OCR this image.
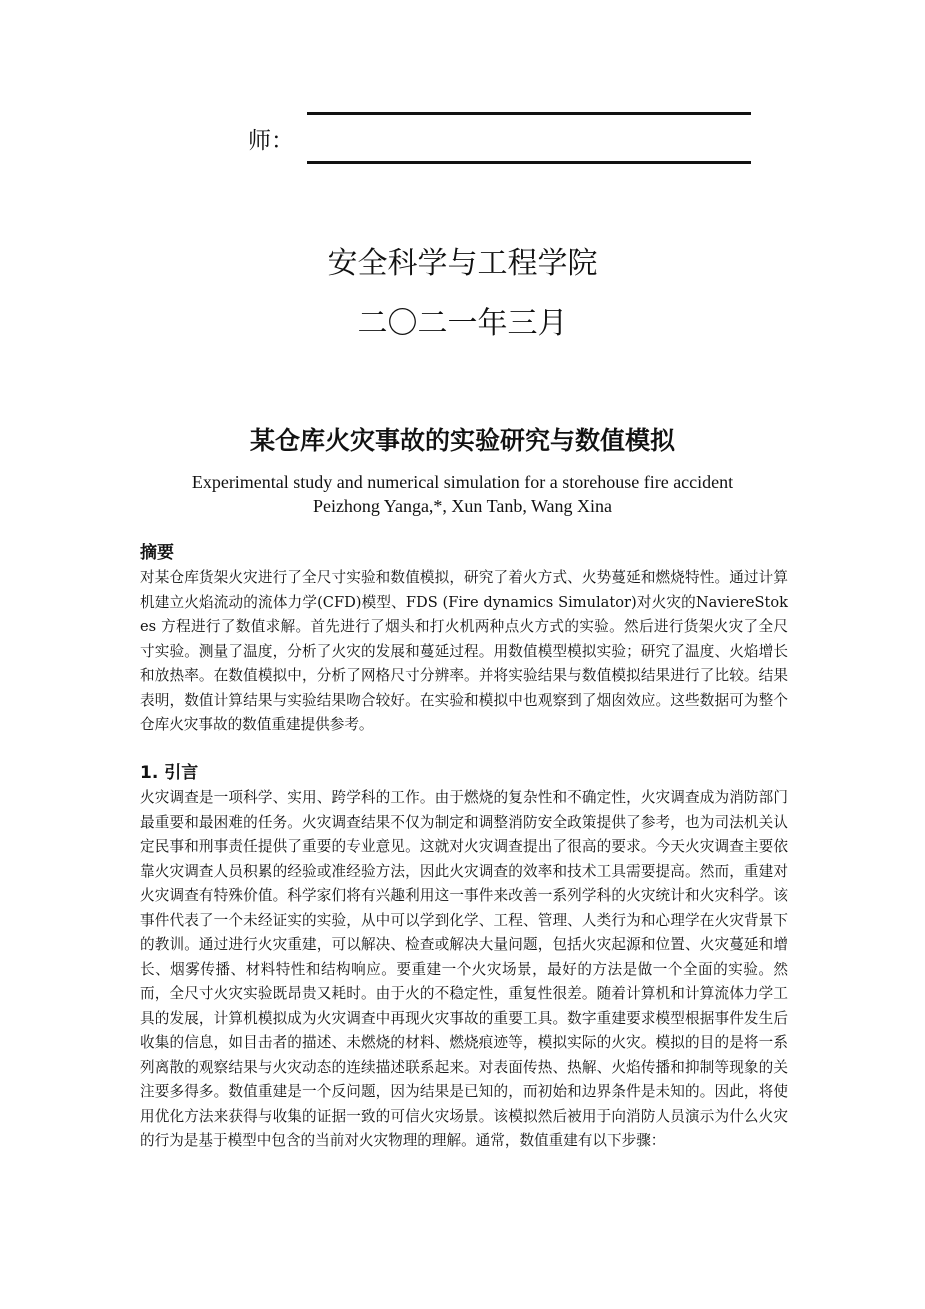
师：
安全科学与工程学院
二〇二一年三月
某仓库火灾事故的实验研究与数值模拟
Experimental study and numerical simulation for a storehouse fire accident
Peizhong Yanga,*, Xun Tanb, Wang Xina
摘要
对某仓库货架火灾进行了全尺寸实验和数值模拟，研究了着火方式、火势蔓延和燃烧特性。通过计算机建立火焰流动的流体力学(CFD)模型、FDS (Fire dynamics Simulator)对火灾的NaviereStokes 方程进行了数值求解。首先进行了烟头和打火机两种点火方式的实验。然后进行货架火灾了全尺寸实验。测量了温度，分析了火灾的发展和蔓延过程。用数值模型模拟实验；研究了温度、火焰增长和放热率。在数值模拟中，分析了网格尺寸分辨率。并将实验结果与数值模拟结果进行了比较。结果表明，数值计算结果与实验结果吻合较好。在实验和模拟中也观察到了烟囱效应。这些数据可为整个仓库火灾事故的数值重建提供参考。
1. 引言
火灾调查是一项科学、实用、跨学科的工作。由于燃烧的复杂性和不确定性，火灾调查成为消防部门最重要和最困难的任务。火灾调查结果不仅为制定和调整消防安全政策提供了参考，也为司法机关认定民事和刑事责任提供了重要的专业意见。这就对火灾调查提出了很高的要求。今天火灾调查主要依靠火灾调查人员积累的经验或准经验方法，因此火灾调查的效率和技术工具需要提高。然而，重建对火灾调查有特殊价值。科学家们将有兴趣利用这一事件来改善一系列学科的火灾统计和火灾科学。该事件代表了一个未经证实的实验，从中可以学到化学、工程、管理、人类行为和心理学在火灾背景下的教训。通过进行火灾重建，可以解决、检查或解决大量问题，包括火灾起源和位置、火灾蔓延和增长、烟雾传播、材料特性和结构响应。要重建一个火灾场景，最好的方法是做一个全面的实验。然而，全尺寸火灾实验既昂贵又耗时。由于火的不稳定性，重复性很差。随着计算机和计算流体力学工具的发展，计算机模拟成为火灾调查中再现火灾事故的重要工具。数字重建要求模型根据事件发生后收集的信息，如目击者的描述、未燃烧的材料、燃烧痕迹等，模拟实际的火灾。模拟的目的是将一系列离散的观察结果与火灾动态的连续描述联系起来。对表面传热、热解、火焰传播和抑制等现象的关注要多得多。数值重建是一个反问题，因为结果是已知的，而初始和边界条件是未知的。因此，将使用优化方法来获得与收集的证据一致的可信火灾场景。该模拟然后被用于向消防人员演示为什么火灾的行为是基于模型中包含的当前对火灾物理的理解。通常，数值重建有以下步骤：
